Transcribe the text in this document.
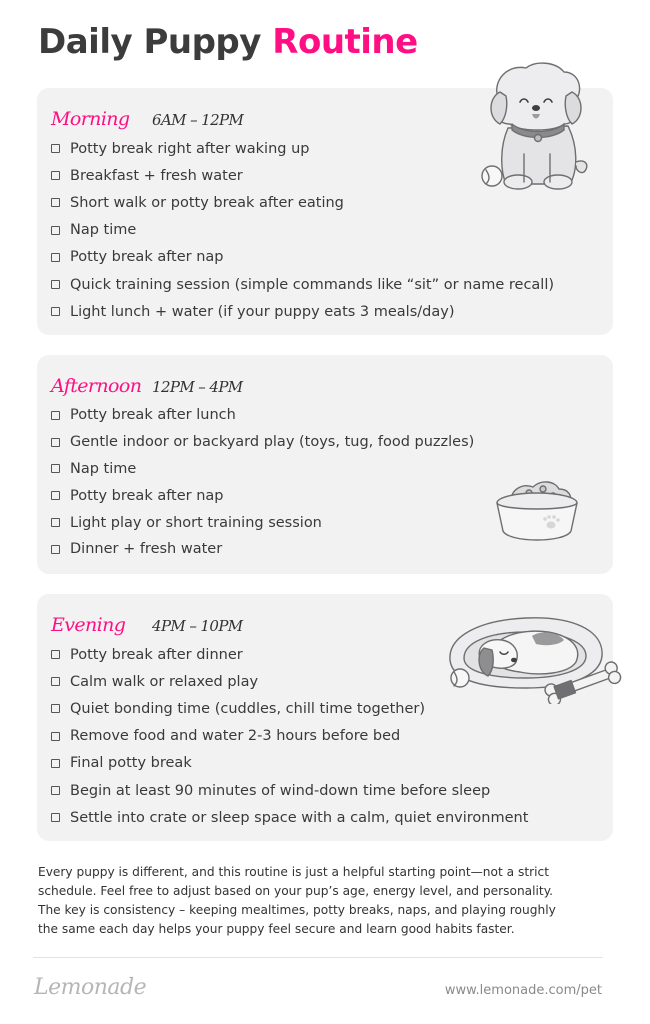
Daily Puppy Routine
Morning	6AM – 12PM
Potty break right after waking up
Breakfast + fresh water
Short walk or potty break after eating
Nap time
Potty break after nap
Quick training session (simple commands like “sit” or name recall)
Light lunch + water (if your puppy eats 3 meals/day)
Afternoon 12PM – 4PM
Potty break after lunch
Gentle indoor or backyard play (toys, tug, food puzzles)
Nap time
Potty break after nap
Light play or short training session
Dinner + fresh water
Evening	4PM – 10PM
Potty break after dinner
Calm walk or relaxed play
Quiet bonding time (cuddles, chill time together)
Remove food and water 2-3 hours before bed
Final potty break
Begin at least 90 minutes of wind-down time before sleep
Settle into crate or sleep space with a calm, quiet environment

Every puppy is different, and this routine is just a helpful starting point—not a strict schedule. Feel free to adjust based on your pup’s age, energy level, and personality. The key is consistency – keeping mealtimes, potty breaks, naps, and playing roughly the same each day helps your puppy feel secure and learn good habits faster.

Lemonade	www.lemonade.com/pet
